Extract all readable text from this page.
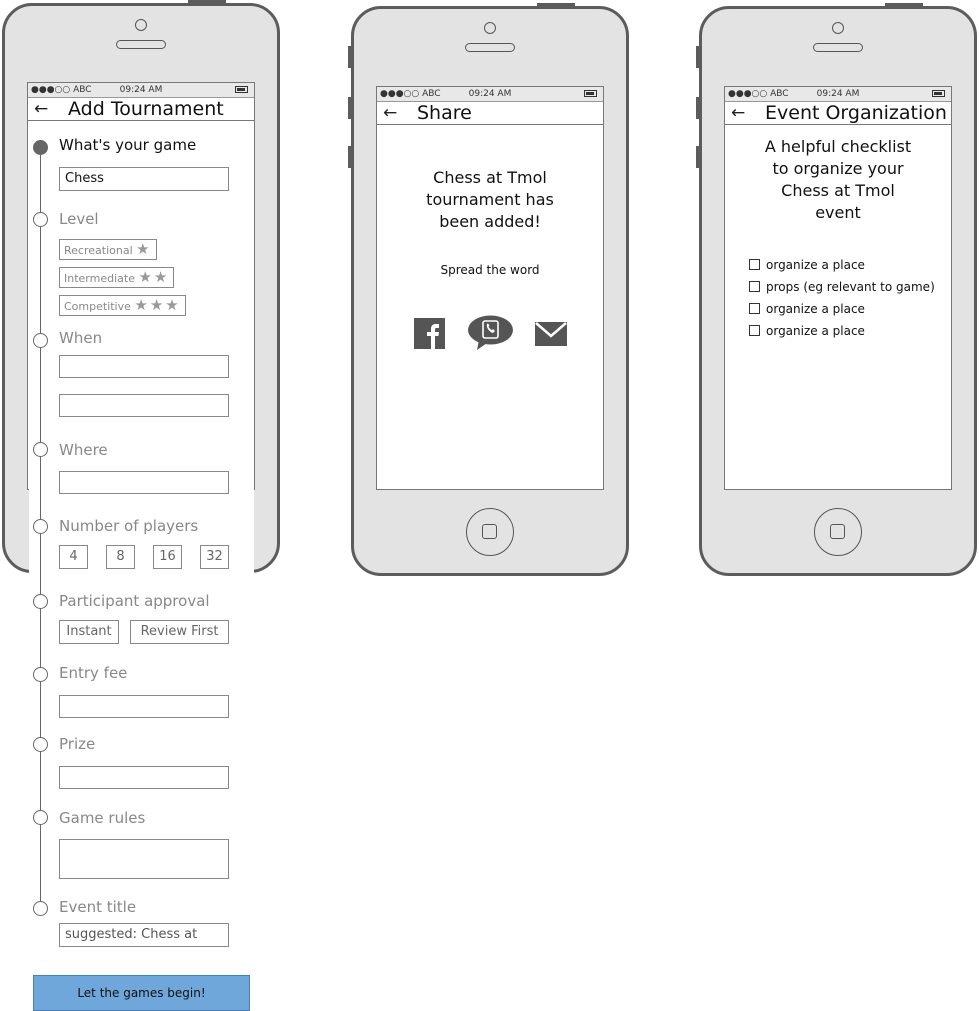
●●●○○ ABC	09:24 AM
← Add Tournament
What's your game
Chess
Level
Recreational ★
Intermediate ★★
Competitive ★★★
When
Where
Number of players
4	8	16	32
Participant approval
Instant	Review First
Entry fee
Prize
Game rules
Event title
suggested: Chess at
Let the games begin!
●●●○○ ABC	09:24 AM
← Share
Chess at Tmol
tournament has
been added!
Spread the word
●●●○○ ABC	09:24 AM
← Event Organization
A helpful checklist
to organize your
Chess at Tmol
event
organize a place
props (eg relevant to game)
organize a place
organize a place
